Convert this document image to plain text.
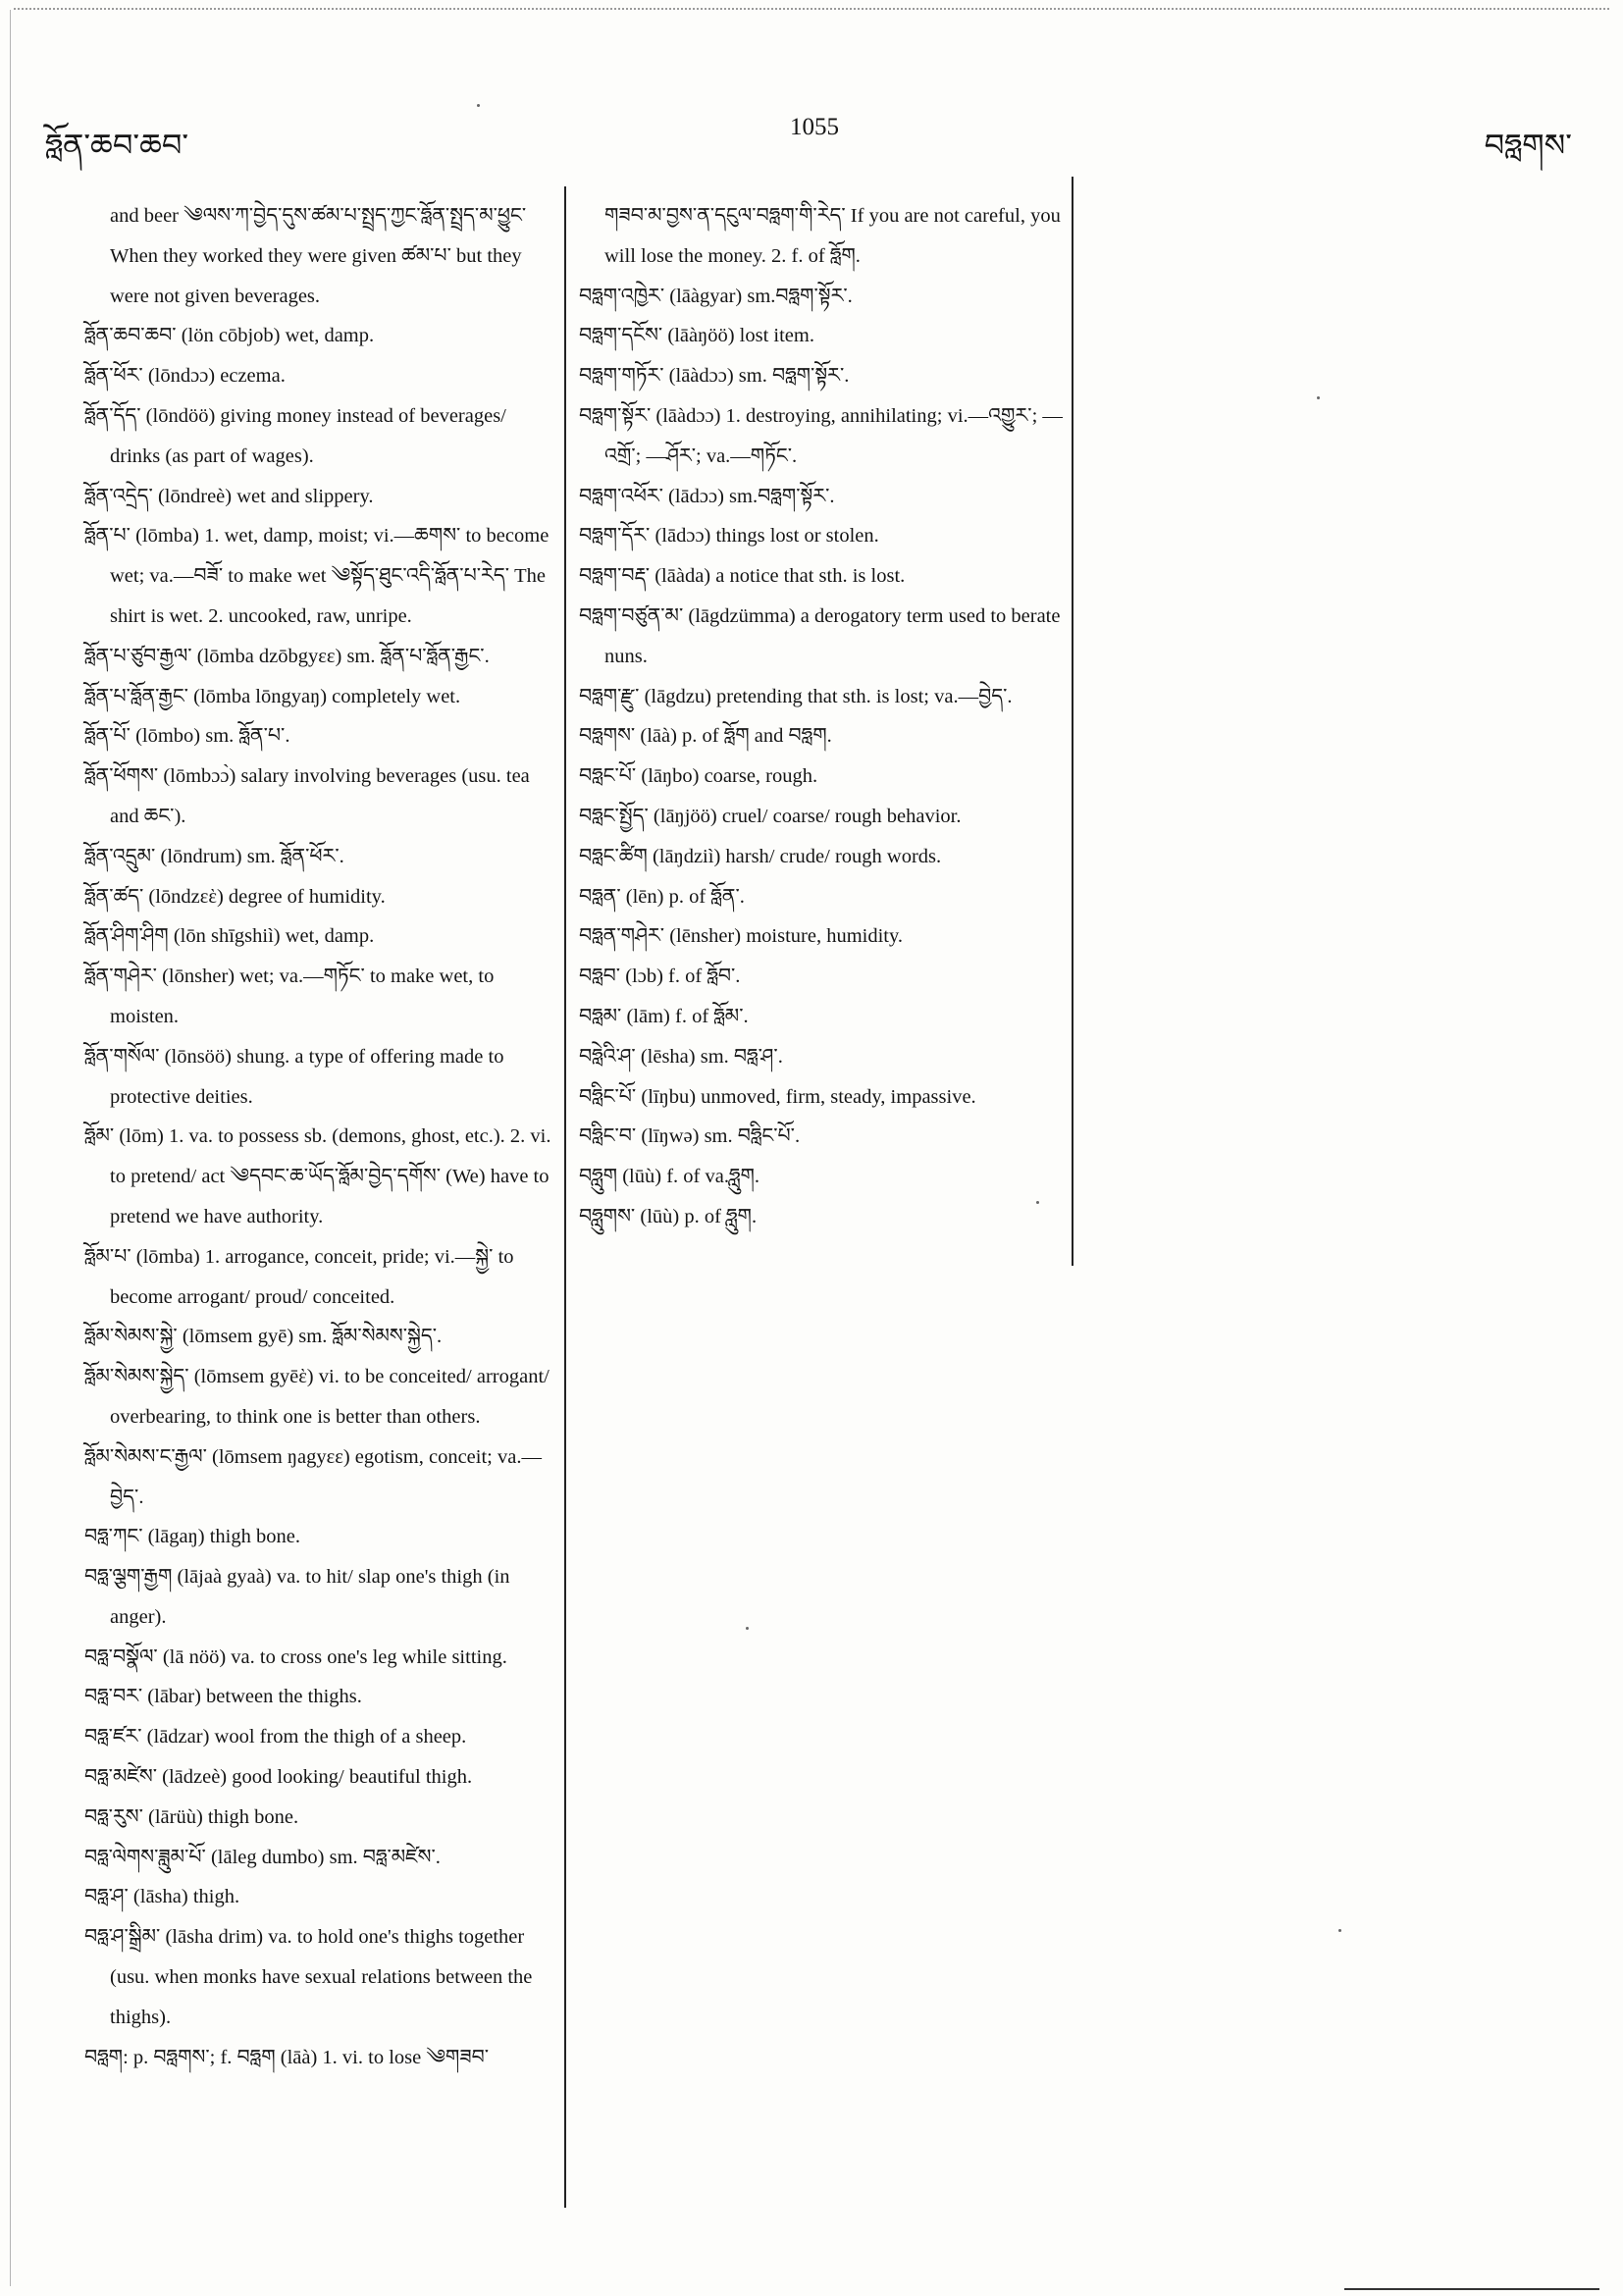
ཧློན་ཆབ་ཆབ་	1055	བཧླགས་

and beer ༄ལས་ཀ་བྱེད་དུས་ཚམ་པ་སྤྲད་ཀྱང་ཧློན་སྤྲད་མ་ཕྱུང་ When they worked they were given ཚམ་པ་ but they were not given beverages.

ཧློན་ཆབ་ཆབ་ (lön cōbjob) wet, damp.

ཧློན་ཕོར་ (lōndɔɔ) eczema.

ཧློན་དོད་ (lōndöö) giving money instead of beverages/ drinks (as part of wages).

ཧློན་འདྲེད་ (lōndreè) wet and slippery.

ཧློན་པ་ (lōmba) 1. wet, damp, moist; vi.—ཆགས་ to become wet; va.—བཟོ་ to make wet ༄སྟོད་ཐུང་འདི་ཧློན་པ་རེད་ The shirt is wet. 2. uncooked, raw, unripe.

ཧློན་པ་ཙུབ་རྒྱལ་ (lōmba dzōbgyεε) sm. ཧློན་པ་ཧློན་རྒྱང་.

ཧློན་པ་ཧློན་རྒྱང་ (lōmba lōngyaŋ) completely wet.

ཧློན་པོ་ (lōmbo) sm. ཧློན་པ་.

ཧློན་ཕོགས་ (lōmbɔɔ̀) salary involving beverages (usu. tea and ཆང་).

ཧློན་འདྲུམ་ (lōndrum) sm. ཧློན་ཕོར་.

ཧློན་ཚད་ (lōndzεὲ) degree of humidity.

ཧློན་ཤིག་ཤིག (lōn shīgshiì) wet, damp.

ཧློན་གཤེར་ (lōnsher) wet; va.—གཏོང་ to make wet, to moisten.

ཧློན་གསོལ་ (lōnsöö) shung. a type of offering made to protective deities.

ཧློམ་ (lōm) 1. va. to possess sb. (demons, ghost, etc.). 2. vi. to pretend/ act ༄དབང་ཆ་ཡོད་ཧློམ་བྱེད་དགོས་ (We) have to pretend we have authority.

ཧློམ་པ་ (lōmba) 1. arrogance, conceit, pride; vi.—སྐྱེ་ to become arrogant/ proud/ conceited.

ཧློམ་སེམས་སྐྱེ་ (lōmsem gyē) sm. ཧློམ་སེམས་སྐྱེད་.

ཧློམ་སེམས་སྐྱེད་ (lōmsem gyēὲ) vi. to be conceited/ arrogant/ overbearing, to think one is better than others.

ཧློམ་སེམས་ང་རྒྱལ་ (lōmsem ŋagyεε) egotism, conceit; va.—བྱེད་.

བཧླ་ཀང་ (lāgaŋ) thigh bone.

བཧླ་ལྕག་རྒྱག (lājaà gyaà) va. to hit/ slap one's thigh (in anger).

བཧླ་བསྣོལ་ (lā nöö) va. to cross one's leg while sitting.

བཧླ་བར་ (lābar) between the thighs.

བཧླ་ཛར་ (lādzar) wool from the thigh of a sheep.

བཧླ་མཛེས་ (lādzeè) good looking/ beautiful thigh.

བཧླ་རུས་ (lārüù) thigh bone.

བཧླ་ལེགས་ཟླུམ་པོ་ (lāleg dumbo) sm. བཧླ་མཛེས་.

བཧླ་ཤ་ (lāsha) thigh.

བཧླ་ཤ་སྒྲིམ་ (lāsha drim) va. to hold one's thighs together (usu. when monks have sexual relations between the thighs).

བཧླག: p. བཧླགས་; f. བཧླག (lāà) 1. vi. to lose ༄གཟབ་

གཟབ་མ་བྱས་ན་དངུལ་བཧླག་གི་རེད་ If you are not careful, you will lose the money. 2. f. of ཧློག.

བཧླག་འཁྱེར་ (lāàgyar) sm.བཧླག་སྟོར་.

བཧླག་དངོས་ (lāàŋöö) lost item.

བཧླག་གཏོར་ (lāàdɔɔ) sm. བཧླག་སྟོར་.

བཧླག་སྟོར་ (lāàdɔɔ) 1. destroying, annihilating; vi.—འགྱུར་; —འགྲོ་; —ཤོར་; va.—གཏོང་.

བཧླག་འཕོར་ (lādɔɔ) sm.བཧླག་སྟོར་.

བཧླག་དོར་ (lādɔɔ) things lost or stolen.

བཧླག་བརྡ་ (lāàda) a notice that sth. is lost.

བཧླག་བཙུན་མ་ (lāgdzümma) a derogatory term used to berate nuns.

བཧླག་རྫུ་ (lāgdzu) pretending that sth. is lost; va.—བྱེད་.

བཧླགས་ (lāà) p. of ཧློག and བཧླག.

བཧླང་པོ་ (lāŋbo) coarse, rough.

བཧླང་སྤྱོད་ (lāŋjöö) cruel/ coarse/ rough behavior.

བཧླང་ཚིག (lāŋdziì) harsh/ crude/ rough words.

བཧླན་ (lēn) p. of ཧློན་.

བཧླན་གཤེར་ (lēnsher) moisture, humidity.

བཧླབ་ (lɔb) f. of ཧློབ་.

བཧླམ་ (lām) f. of ཧློམ་.

བཧླེའི་ཤ་ (lēsha) sm. བཧླ་ཤ་.

བཧླིང་པོ་ (līŋbu) unmoved, firm, steady, impassive.

བཧླིང་བ་ (līŋwə) sm. བཧླིང་པོ་.

བཧླུག (lūù) f. of va.ཧླུག.

བཧླུགས་ (lūù) p. of ཧླུག.
